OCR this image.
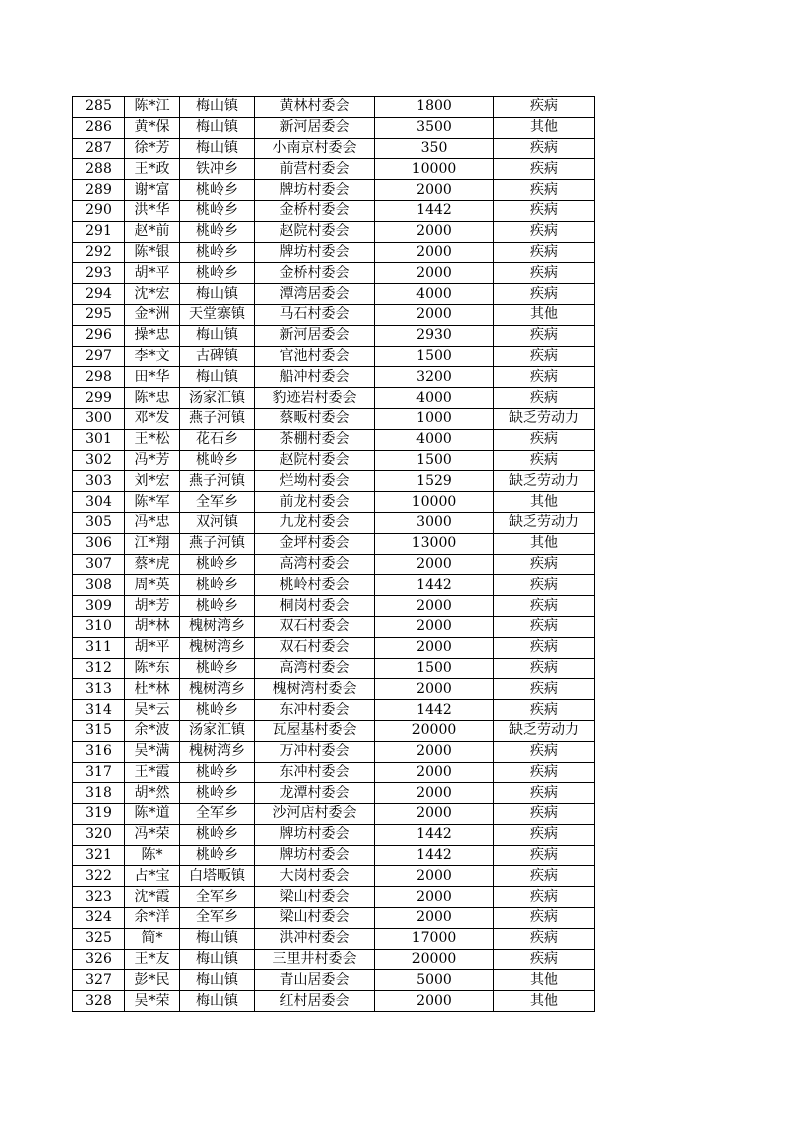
285	陈*江	梅山镇	黄林村委会	1800	疾病
286	黄*保	梅山镇	新河居委会	3500	其他
287	徐*芳	梅山镇	小南京村委会	350	疾病
288	王*政	铁冲乡	前营村委会	10000	疾病
289	谢*富	桃岭乡	牌坊村委会	2000	疾病
290	洪*华	桃岭乡	金桥村委会	1442	疾病
291	赵*前	桃岭乡	赵院村委会	2000	疾病
292	陈*银	桃岭乡	牌坊村委会	2000	疾病
293	胡*平	桃岭乡	金桥村委会	2000	疾病
294	沈*宏	梅山镇	潭湾居委会	4000	疾病
295	金*洲	天堂寨镇	马石村委会	2000	其他
296	操*忠	梅山镇	新河居委会	2930	疾病
297	李*文	古碑镇	官池村委会	1500	疾病
298	田*华	梅山镇	船冲村委会	3200	疾病
299	陈*忠	汤家汇镇	豹迹岩村委会	4000	疾病
300	邓*发	燕子河镇	蔡畈村委会	1000	缺乏劳动力
301	王*松	花石乡	茶棚村委会	4000	疾病
302	冯*芳	桃岭乡	赵院村委会	1500	疾病
303	刘*宏	燕子河镇	烂坳村委会	1529	缺乏劳动力
304	陈*军	全军乡	前龙村委会	10000	其他
305	冯*忠	双河镇	九龙村委会	3000	缺乏劳动力
306	江*翔	燕子河镇	金坪村委会	13000	其他
307	蔡*虎	桃岭乡	高湾村委会	2000	疾病
308	周*英	桃岭乡	桃岭村委会	1442	疾病
309	胡*芳	桃岭乡	桐岗村委会	2000	疾病
310	胡*林	槐树湾乡	双石村委会	2000	疾病
311	胡*平	槐树湾乡	双石村委会	2000	疾病
312	陈*东	桃岭乡	高湾村委会	1500	疾病
313	杜*林	槐树湾乡	槐树湾村委会	2000	疾病
314	吴*云	桃岭乡	东冲村委会	1442	疾病
315	余*波	汤家汇镇	瓦屋基村委会	20000	缺乏劳动力
316	吴*满	槐树湾乡	万冲村委会	2000	疾病
317	王*霞	桃岭乡	东冲村委会	2000	疾病
318	胡*然	桃岭乡	龙潭村委会	2000	疾病
319	陈*道	全军乡	沙河店村委会	2000	疾病
320	冯*荣	桃岭乡	牌坊村委会	1442	疾病
321	陈*	桃岭乡	牌坊村委会	1442	疾病
322	占*宝	白塔畈镇	大岗村委会	2000	疾病
323	沈*霞	全军乡	梁山村委会	2000	疾病
324	余*洋	全军乡	梁山村委会	2000	疾病
325	简*	梅山镇	洪冲村委会	17000	疾病
326	王*友	梅山镇	三里井村委会	20000	疾病
327	彭*民	梅山镇	青山居委会	5000	其他
328	吴*荣	梅山镇	红村居委会	2000	其他
